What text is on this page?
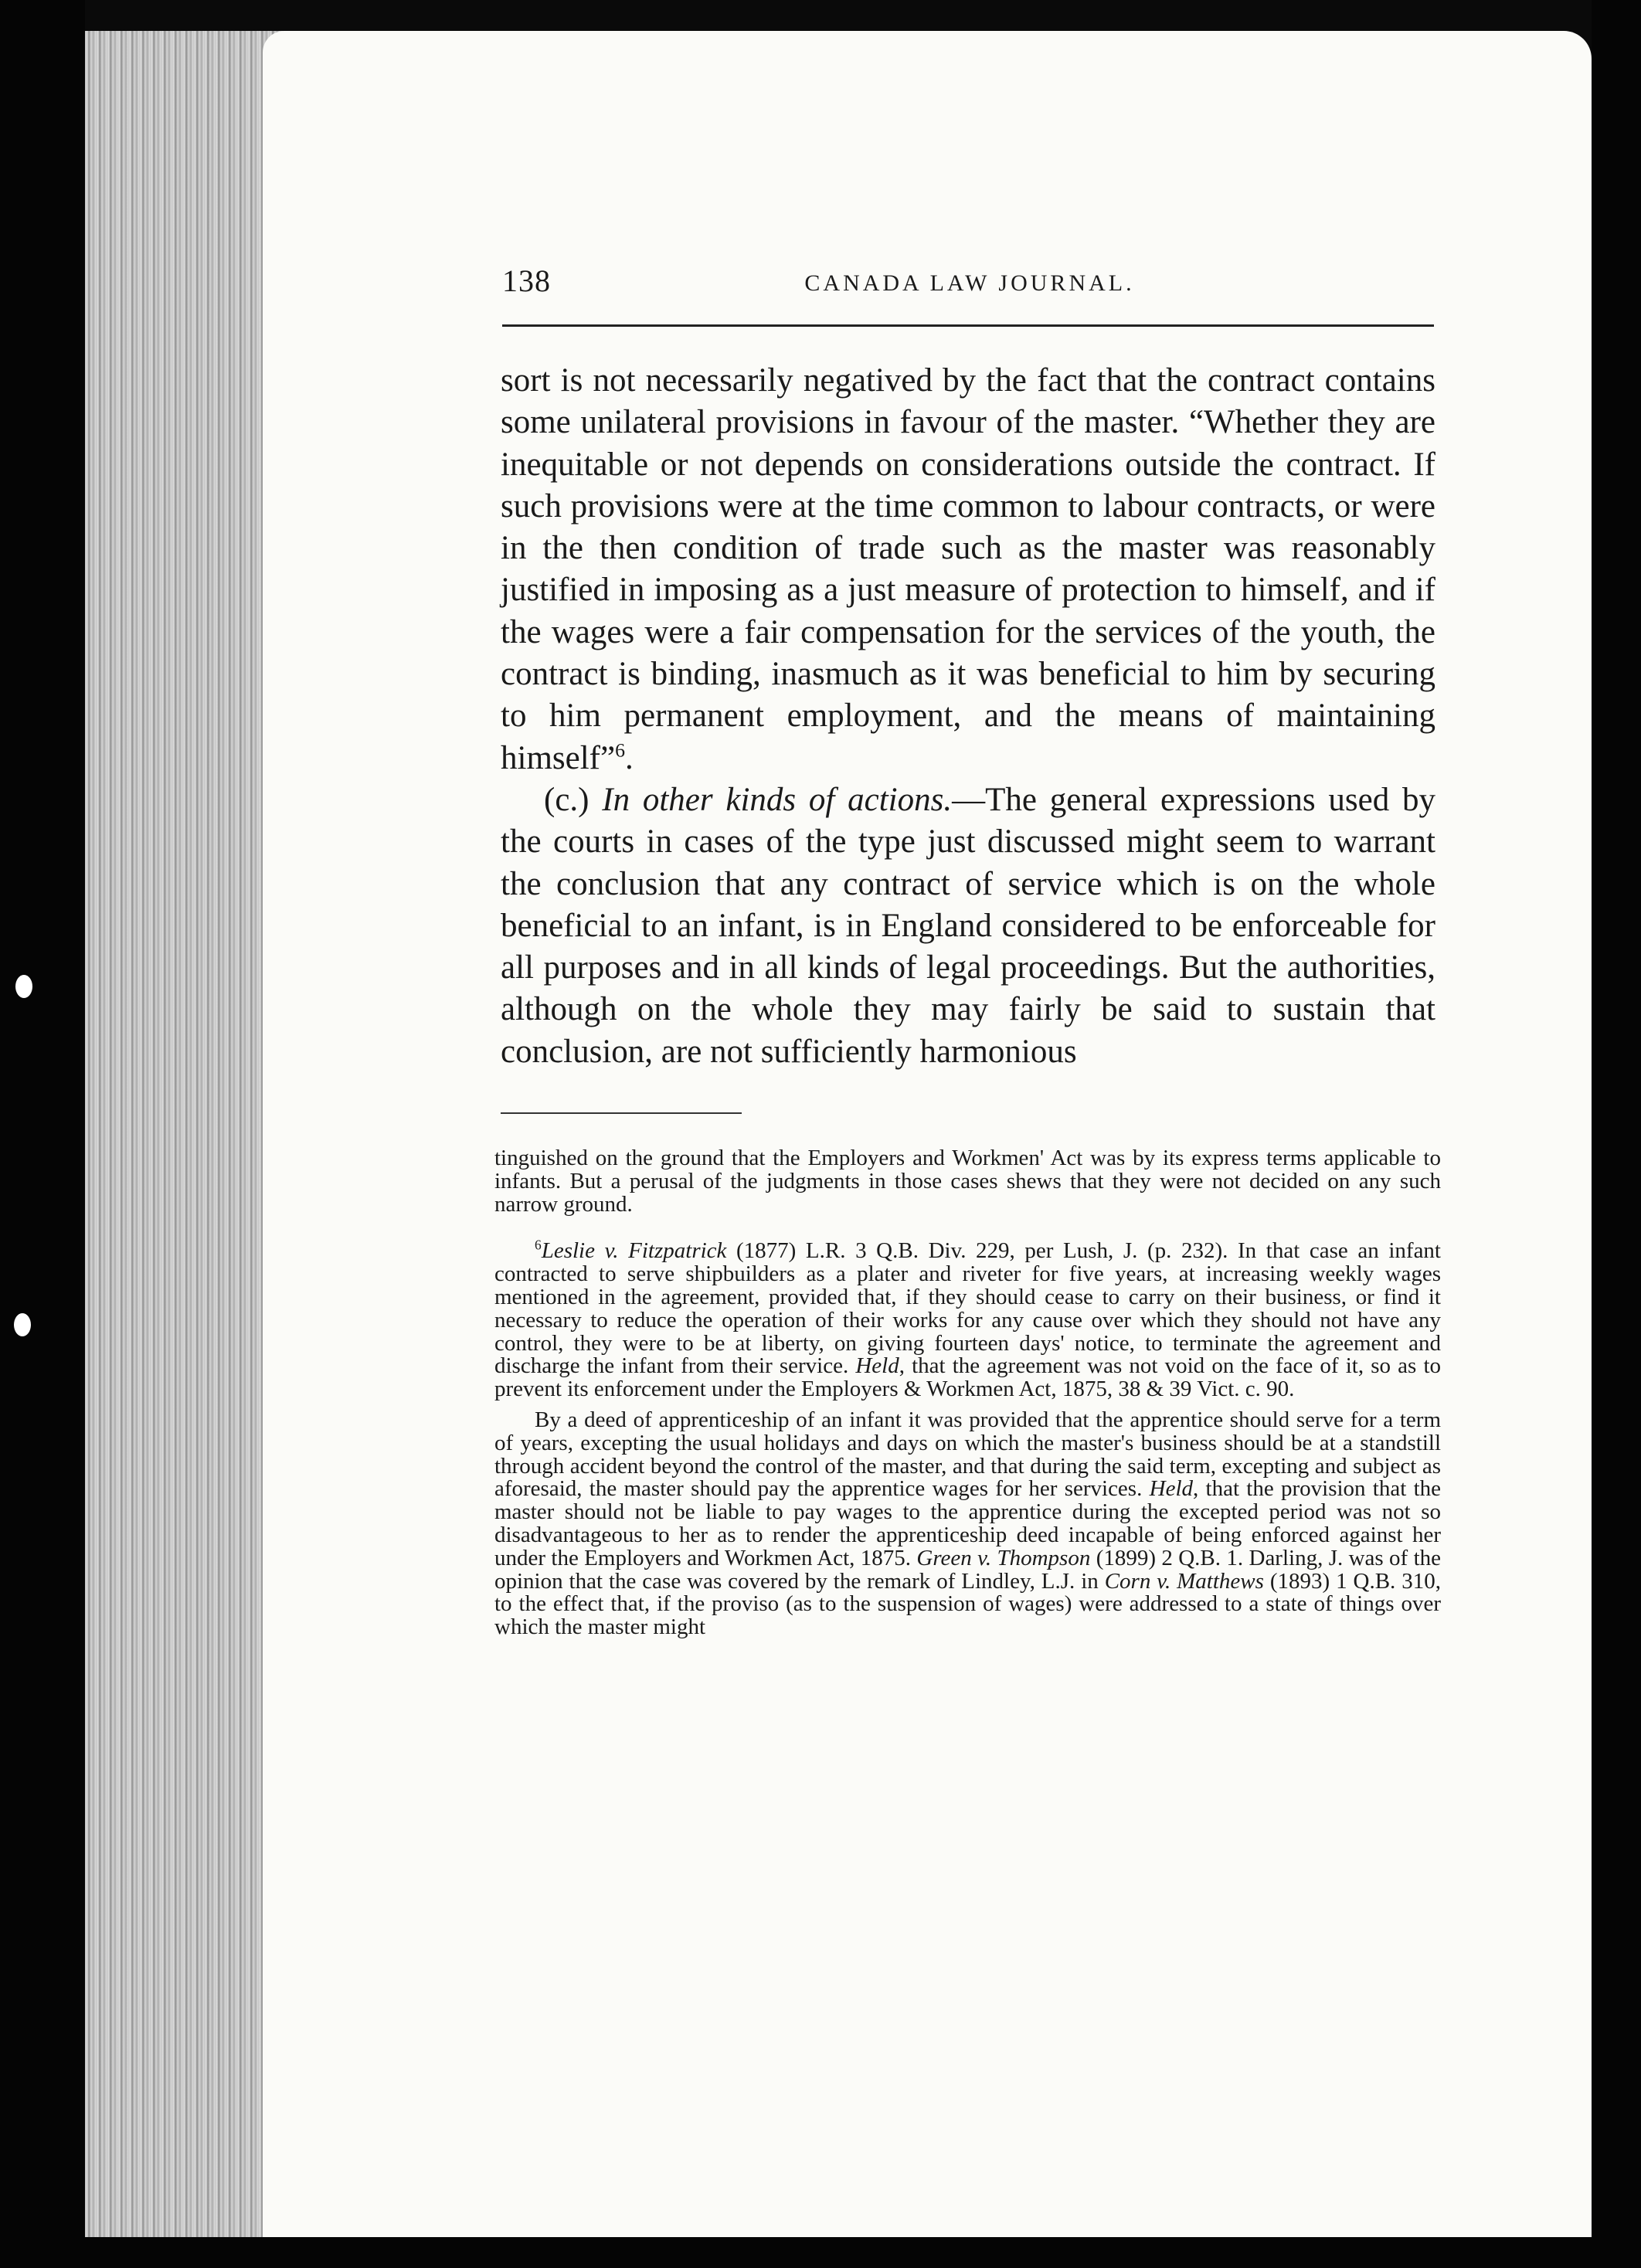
138	CANADA LAW JOURNAL.

sort is not necessarily negatived by the fact that the contract contains some unilateral provisions in favour of the master. “Whether they are inequitable or not depends on considerations outside the contract. If such provisions were at the time common to labour contracts, or were in the then condition of trade such as the master was reasonably justified in imposing as a just measure of protection to himself, and if the wages were a fair compensation for the services of the youth, the contract is binding, inasmuch as it was beneficial to him by securing to him permanent employment, and the means of maintaining himself”$^6$.

(c.) In other kinds of actions.—The general expressions used by the courts in cases of the type just discussed might seem to warrant the conclusion that any contract of service which is on the whole beneficial to an infant, is in England considered to be enforceable for all purposes and in all kinds of legal proceedings. But the authorities, although on the whole they may fairly be said to sustain that conclusion, are not sufficiently harmonious

tinguished on the ground that the Employers and Workmen' Act was by its express terms applicable to infants. But a perusal of the judgments in those cases shews that they were not decided on any such narrow ground.

$^6$Leslie v. Fitzpatrick (1877) L.R. 3 Q.B. Div. 229, per Lush, J. (p. 232). In that case an infant contracted to serve shipbuilders as a plater and riveter for five years, at increasing weekly wages mentioned in the agreement, provided that, if they should cease to carry on their business, or find it necessary to reduce the operation of their works for any cause over which they should not have any control, they were to be at liberty, on giving fourteen days' notice, to terminate the agreement and discharge the infant from their service. Held, that the agreement was not void on the face of it, so as to prevent its enforcement under the Employers & Workmen Act, 1875, 38 & 39 Vict. c. 90.

By a deed of apprenticeship of an infant it was provided that the apprentice should serve for a term of years, excepting the usual holidays and days on which the master's business should be at a standstill through accident beyond the control of the master, and that during the said term, excepting and subject as aforesaid, the master should pay the apprentice wages for her services. Held, that the provision that the master should not be liable to pay wages to the apprentice during the excepted period was not so disadvantageous to her as to render the apprenticeship deed incapable of being enforced against her under the Employers and Workmen Act, 1875. Green v. Thompson (1899) 2 Q.B. 1. Darling, J. was of the opinion that the case was covered by the remark of Lindley, L.J. in Corn v. Matthews (1893) 1 Q.B. 310, to the effect that, if the proviso (as to the suspension of wages) were addressed to a state of things over which the master might
